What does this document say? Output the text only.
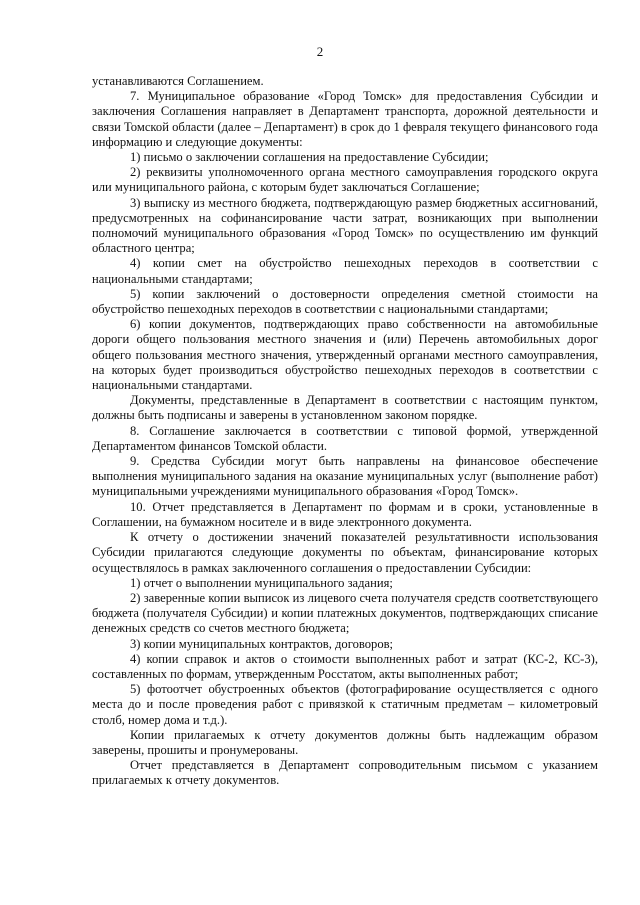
2

устанавливаются Соглашением.

7. Муниципальное образование «Город Томск» для предоставления Субсидии и заключения Соглашения направляет в Департамент транспорта, дорожной деятельности и связи Томской области (далее – Департамент) в срок до 1 февраля текущего финансового года информацию и следующие документы:

1) письмо о заключении соглашения на предоставление Субсидии;

2) реквизиты уполномоченного органа местного самоуправления городского округа или муниципального района, с которым будет заключаться Соглашение;

3) выписку из местного бюджета, подтверждающую размер бюджетных ассигнований, предусмотренных на софинансирование части затрат, возникающих при выполнении полномочий муниципального образования «Город Томск» по осуществлению им функций областного центра;

4) копии смет на обустройство пешеходных переходов в соответствии с национальными стандартами;

5) копии заключений о достоверности определения сметной стоимости на обустройство пешеходных переходов в соответствии с национальными стандартами;

6) копии документов, подтверждающих право собственности на автомобильные дороги общего пользования местного значения и (или) Перечень автомобильных дорог общего пользования местного значения, утвержденный органами местного самоуправления, на которых будет производиться обустройство пешеходных переходов в соответствии с национальными стандартами.

Документы, представленные в Департамент в соответствии с настоящим пунктом, должны быть подписаны и заверены в установленном законом порядке.

8. Соглашение заключается в соответствии с типовой формой, утвержденной Департаментом финансов Томской области.

9. Средства Субсидии могут быть направлены на финансовое обеспечение выполнения муниципального задания на оказание муниципальных услуг (выполнение работ) муниципальными учреждениями муниципального образования «Город Томск».

10. Отчет представляется в Департамент по формам и в сроки, установленные в Соглашении, на бумажном носителе и в виде электронного документа.

К отчету о достижении значений показателей результативности использования Субсидии прилагаются следующие документы по объектам, финансирование которых осуществлялось в рамках заключенного соглашения о предоставлении Субсидии:

1) отчет о выполнении муниципального задания;

2) заверенные копии выписок из лицевого счета получателя средств соответствующего бюджета (получателя Субсидии) и копии платежных документов, подтверждающих списание денежных средств со счетов местного бюджета;

3) копии муниципальных контрактов, договоров;

4) копии справок и актов о стоимости выполненных работ и затрат (КС-2, КС-3), составленных по формам, утвержденным Росстатом, акты выполненных работ;

5) фотоотчет обустроенных объектов (фотографирование осуществляется с одного места до и после проведения работ с привязкой к статичным предметам – километровый столб, номер дома и т.д.).

Копии прилагаемых к отчету документов должны быть надлежащим образом заверены, прошиты и пронумерованы.

Отчет представляется в Департамент сопроводительным письмом с указанием прилагаемых к отчету документов.
